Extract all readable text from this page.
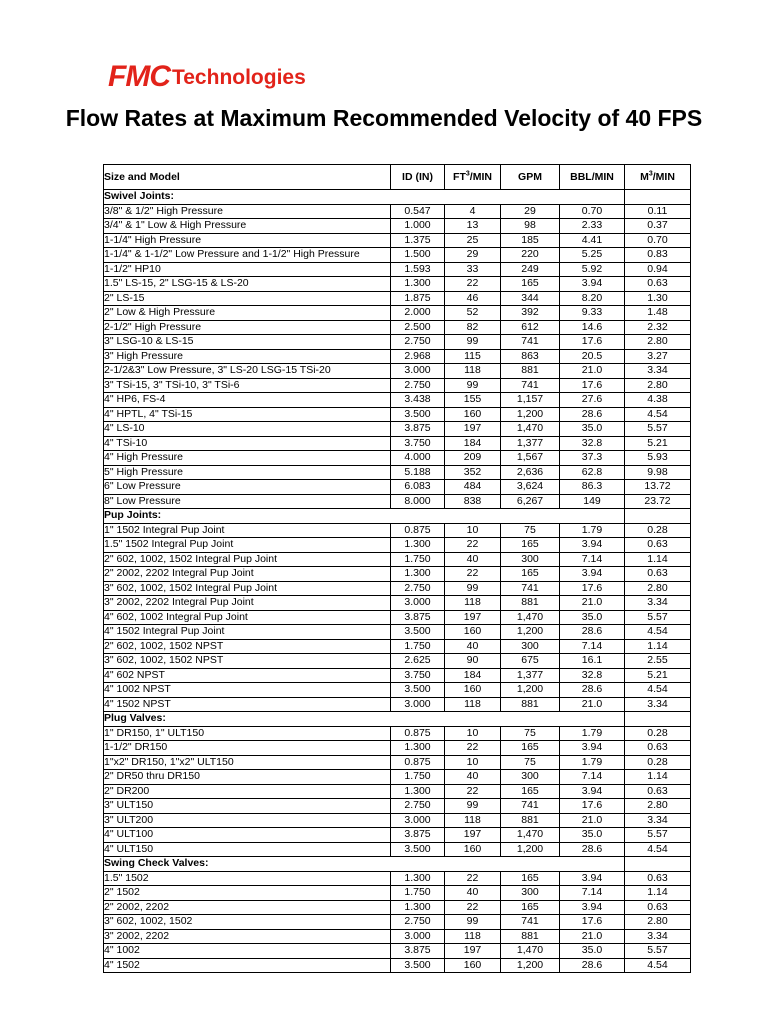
FMC Technologies
Flow Rates at Maximum Recommended Velocity of 40 FPS
Size and Model	ID (IN)	$FT^3$/MIN	GPM	BBL/MIN	$M^3$/MIN
Swivel Joints:					
3/8" & 1/2" High Pressure	0.547	4	29	0.70	0.11
3/4" & 1" Low & High Pressure	1.000	13	98	2.33	0.37
1-1/4" High Pressure	1.375	25	185	4.41	0.70
1-1/4" & 1-1/2" Low Pressure and 1-1/2" High Pressure	1.500	29	220	5.25	0.83
1-1/2" HP10	1.593	33	249	5.92	0.94
1.5" LS-15, 2" LSG-15 & LS-20	1.300	22	165	3.94	0.63
2" LS-15	1.875	46	344	8.20	1.30
2" Low & High Pressure	2.000	52	392	9.33	1.48
2-1/2" High Pressure	2.500	82	612	14.6	2.32
3" LSG-10 & LS-15	2.750	99	741	17.6	2.80
3" High Pressure	2.968	115	863	20.5	3.27
2-1/2&3" Low Pressure, 3" LS-20 LSG-15 TSi-20	3.000	118	881	21.0	3.34
3" TSi-15, 3" TSi-10, 3" TSi-6	2.750	99	741	17.6	2.80
4" HP6, FS-4	3.438	155	1,157	27.6	4.38
4" HPTL, 4" TSi-15	3.500	160	1,200	28.6	4.54
4" LS-10	3.875	197	1,470	35.0	5.57
4" TSi-10	3.750	184	1,377	32.8	5.21
4" High Pressure	4.000	209	1,567	37.3	5.93
5" High Pressure	5.188	352	2,636	62.8	9.98
6" Low Pressure	6.083	484	3,624	86.3	13.72
8" Low Pressure	8.000	838	6,267	149	23.72
Pup Joints:					
1" 1502 Integral Pup Joint	0.875	10	75	1.79	0.28
1.5" 1502 Integral Pup Joint	1.300	22	165	3.94	0.63
2" 602, 1002, 1502 Integral Pup Joint	1.750	40	300	7.14	1.14
2" 2002, 2202 Integral Pup Joint	1.300	22	165	3.94	0.63
3" 602, 1002, 1502 Integral Pup Joint	2.750	99	741	17.6	2.80
3" 2002, 2202 Integral Pup Joint	3.000	118	881	21.0	3.34
4" 602, 1002 Integral Pup Joint	3.875	197	1,470	35.0	5.57
4" 1502 Integral Pup Joint	3.500	160	1,200	28.6	4.54
2" 602, 1002, 1502 NPST	1.750	40	300	7.14	1.14
3" 602, 1002, 1502 NPST	2.625	90	675	16.1	2.55
4" 602 NPST	3.750	184	1,377	32.8	5.21
4" 1002 NPST	3.500	160	1,200	28.6	4.54
4" 1502 NPST	3.000	118	881	21.0	3.34
Plug Valves:					
1" DR150, 1" ULT150	0.875	10	75	1.79	0.28
1-1/2" DR150	1.300	22	165	3.94	0.63
1"x2" DR150, 1"x2" ULT150	0.875	10	75	1.79	0.28
2" DR50 thru DR150	1.750	40	300	7.14	1.14
2" DR200	1.300	22	165	3.94	0.63
3" ULT150	2.750	99	741	17.6	2.80
3" ULT200	3.000	118	881	21.0	3.34
4" ULT100	3.875	197	1,470	35.0	5.57
4" ULT150	3.500	160	1,200	28.6	4.54
Swing Check Valves:					
1.5" 1502	1.300	22	165	3.94	0.63
2" 1502	1.750	40	300	7.14	1.14
2" 2002, 2202	1.300	22	165	3.94	0.63
3" 602, 1002, 1502	2.750	99	741	17.6	2.80
3" 2002, 2202	3.000	118	881	21.0	3.34
4" 1002	3.875	197	1,470	35.0	5.57
4" 1502	3.500	160	1,200	28.6	4.54
